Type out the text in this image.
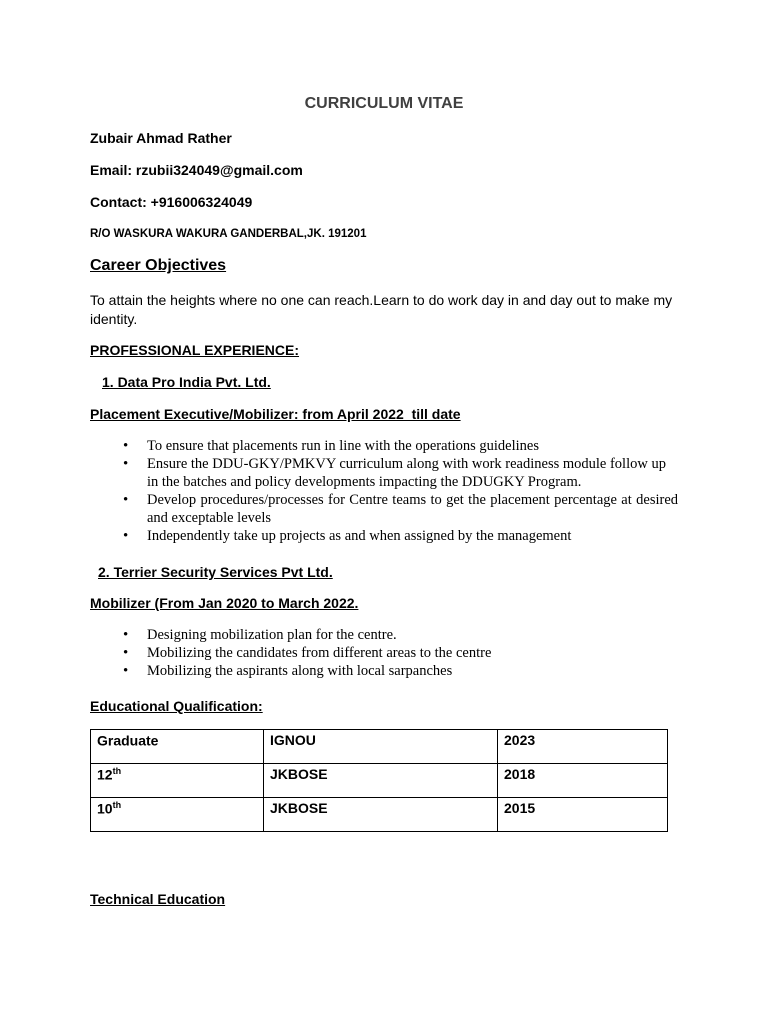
CURRICULUM VITAE
Zubair Ahmad Rather
Email: rzubii324049@gmail.com
Contact: +916006324049
R/O WASKURA WAKURA GANDERBAL,JK. 191201
Career Objectives
To attain the heights where no one can reach.Learn to do work day in and day out to make my
identity.
PROFESSIONAL EXPERIENCE:
1. Data Pro India Pvt. Ltd.
Placement Executive/Mobilizer: from April 2022  till date
• To ensure that placements run in line with the operations guidelines
• Ensure the DDU-GKY/PMKVY curriculum along with work readiness module follow up in the batches and policy developments impacting the DDUGKY Program.
• Develop procedures/processes for Centre teams to get the placement percentage at desired and exceptable levels
• Independently take up projects as and when assigned by the management
2. Terrier Security Services Pvt Ltd.
Mobilizer (From Jan 2020 to March 2022.
• Designing mobilization plan for the centre.
• Mobilizing the candidates from different areas to the centre
• Mobilizing the aspirants along with local sarpanches
Educational Qualification:
Graduate	IGNOU	2023
12th	JKBOSE	2018
10th	JKBOSE	2015
Technical Education
